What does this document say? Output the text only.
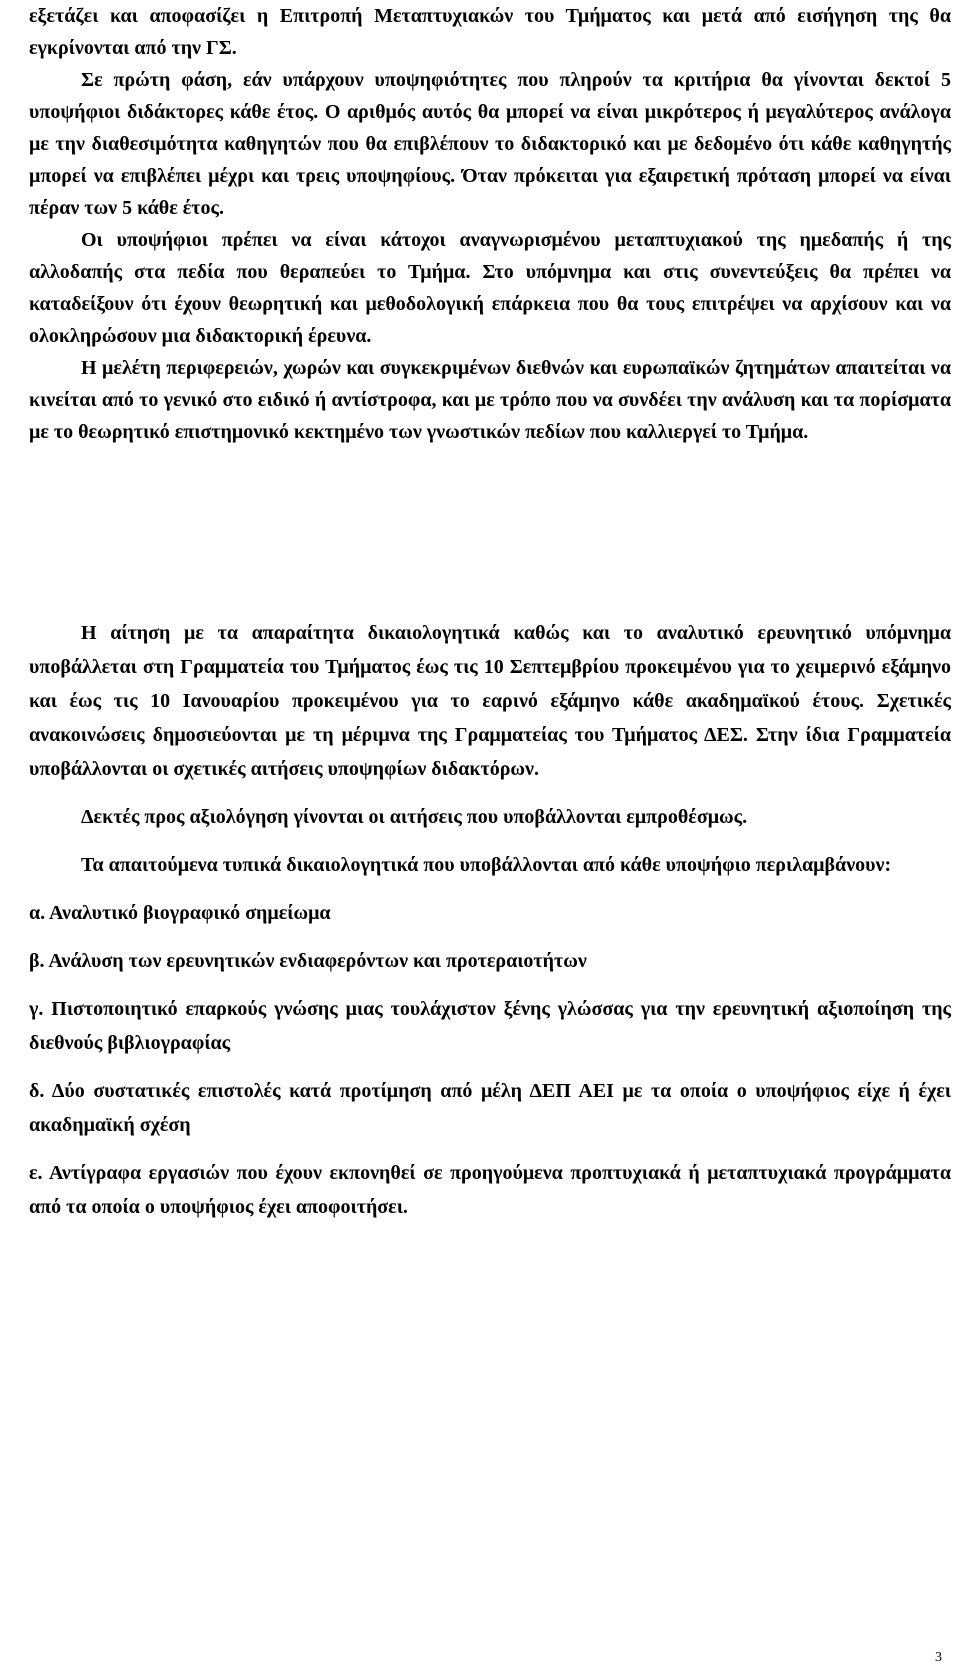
εξετάζει και αποφασίζει η Επιτροπή Μεταπτυχιακών του Τμήματος και μετά από εισήγηση της θα εγκρίνονται από την ΓΣ.

Σε πρώτη φάση, εάν υπάρχουν υποψηφιότητες που πληρούν τα κριτήρια θα γίνονται δεκτοί 5 υποψήφιοι διδάκτορες κάθε έτος. Ο αριθμός αυτός θα μπορεί να είναι μικρότερος ή μεγαλύτερος ανάλογα με την διαθεσιμότητα καθηγητών που θα επιβλέπουν το διδακτορικό και με δεδομένο ότι κάθε καθηγητής μπορεί να επιβλέπει μέχρι και τρεις υποψηφίους. Όταν πρόκειται για εξαιρετική πρόταση μπορεί να είναι πέραν των 5 κάθε έτος.

Οι υποψήφιοι πρέπει να είναι κάτοχοι αναγνωρισμένου μεταπτυχιακού της ημεδαπής ή της αλλοδαπής στα πεδία που θεραπεύει το Τμήμα. Στο υπόμνημα και στις συνεντεύξεις θα πρέπει να καταδείξουν ότι έχουν θεωρητική και μεθοδολογική επάρκεια που θα τους επιτρέψει να αρχίσουν και να ολοκληρώσουν μια διδακτορική έρευνα.

Η μελέτη περιφερειών, χωρών και συγκεκριμένων διεθνών και ευρωπαϊκών ζητημάτων απαιτείται να κινείται από το γενικό στο ειδικό ή αντίστροφα, και με τρόπο που να συνδέει την ανάλυση και τα πορίσματα με το θεωρητικό επιστημονικό κεκτημένο των γνωστικών πεδίων που καλλιεργεί το Τμήμα.

Η αίτηση με τα απαραίτητα δικαιολογητικά καθώς και το αναλυτικό ερευνητικό υπόμνημα υποβάλλεται στη Γραμματεία του Τμήματος έως τις 10 Σεπτεμβρίου προκειμένου για το χειμερινό εξάμηνο και έως τις 10 Ιανουαρίου προκειμένου για το εαρινό εξάμηνο κάθε ακαδημαϊκού έτους. Σχετικές ανακοινώσεις δημοσιεύονται με τη μέριμνα της Γραμματείας του Τμήματος ΔΕΣ. Στην ίδια Γραμματεία υποβάλλονται οι σχετικές αιτήσεις υποψηφίων διδακτόρων.

Δεκτές προς αξιολόγηση γίνονται οι αιτήσεις που υποβάλλονται εμπροθέσμως.

Τα απαιτούμενα τυπικά δικαιολογητικά που υποβάλλονται από κάθε υποψήφιο περιλαμβάνουν:

α. Αναλυτικό βιογραφικό σημείωμα

β. Ανάλυση των ερευνητικών ενδιαφερόντων και προτεραιοτήτων

γ. Πιστοποιητικό επαρκούς γνώσης μιας τουλάχιστον ξένης γλώσσας για την ερευνητική αξιοποίηση της διεθνούς βιβλιογραφίας

δ. Δύο συστατικές επιστολές κατά προτίμηση από μέλη ΔΕΠ ΑΕΙ με τα οποία ο υποψήφιος είχε ή έχει ακαδημαϊκή σχέση

ε. Αντίγραφα εργασιών που έχουν εκπονηθεί σε προηγούμενα προπτυχιακά ή μεταπτυχιακά προγράμματα από τα οποία ο υποψήφιος έχει αποφοιτήσει.

3
